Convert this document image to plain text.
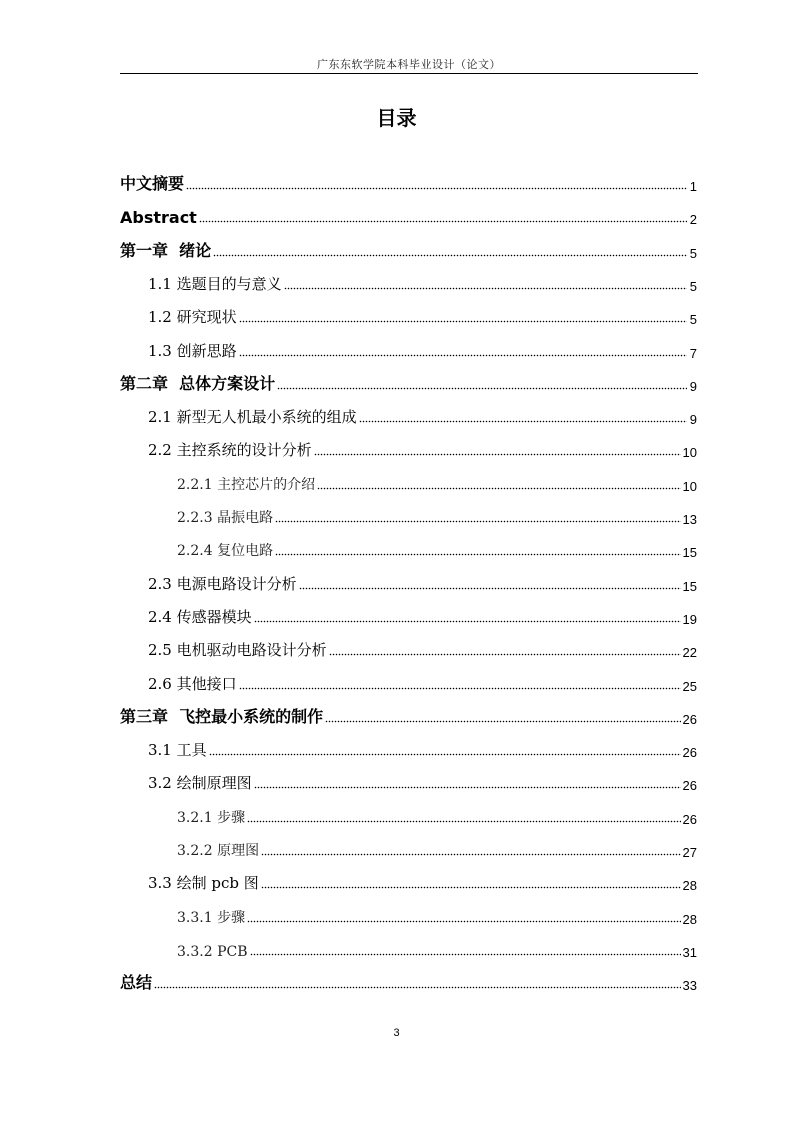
广东东软学院本科毕业设计（论文）
目录
中文摘要	1
Abstract	2
第一章  绪论	5
1.1 选题目的与意义	5
1.2 研究现状	5
1.3 创新思路	7
第二章  总体方案设计	9
2.1 新型无人机最小系统的组成	9
2.2 主控系统的设计分析	10
2.2.1 主控芯片的介绍	10
2.2.3 晶振电路	13
2.2.4 复位电路	15
2.3 电源电路设计分析	15
2.4 传感器模块	19
2.5 电机驱动电路设计分析	22
2.6 其他接口	25
第三章  飞控最小系统的制作	26
3.1 工具	26
3.2 绘制原理图	26
3.2.1 步骤	26
3.2.2 原理图	27
3.3 绘制 pcb 图	28
3.3.1 步骤	28
3.3.2 PCB	31
总结	33
3
